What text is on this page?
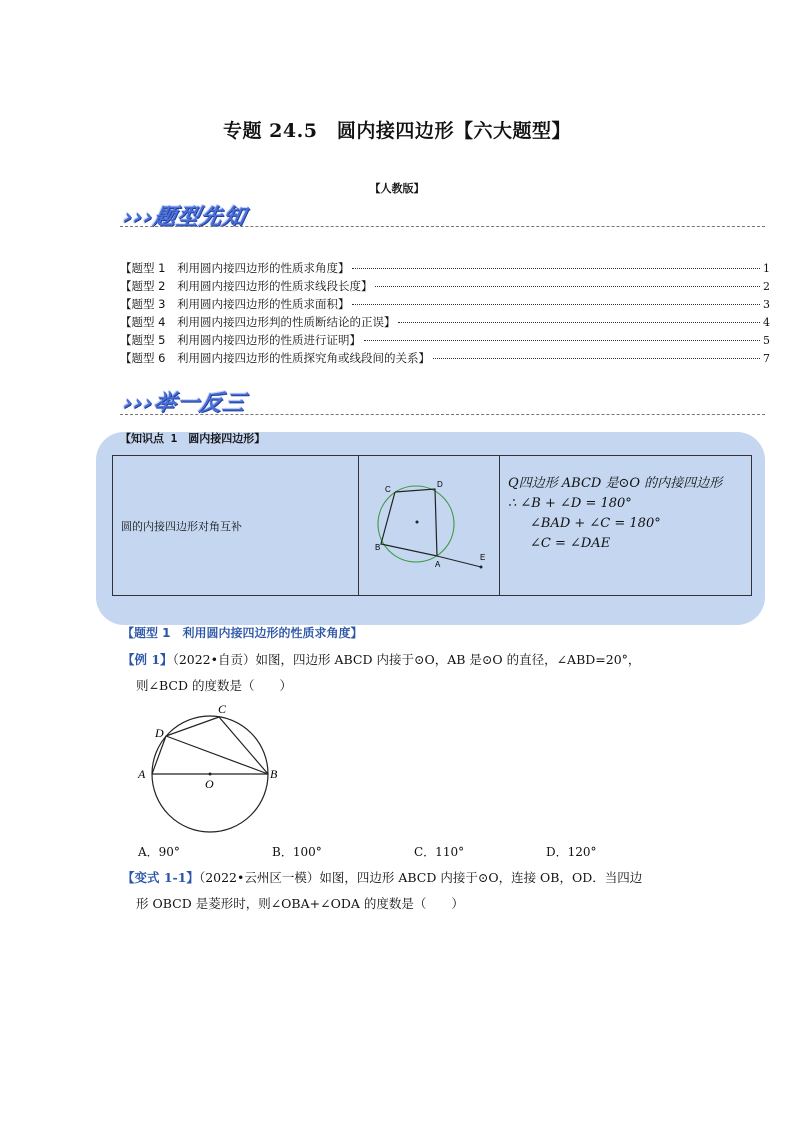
专题 24.5　圆内接四边形【六大题型】
【人教版】
›››题型先知
【题型 1　利用圆内接四边形的性质求角度】	1
【题型 2　利用圆内接四边形的性质求线段长度】	2
【题型 3　利用圆内接四边形的性质求面积】	3
【题型 4　利用圆内接四边形判的性质断结论的正误】	4
【题型 5　利用圆内接四边形的性质进行证明】	5
【题型 6　利用圆内接四边形的性质探究角或线段间的关系】	7
›››举一反三
【知识点 1　圆内接四边形】
圆的内接四边形对角互补	
C
D
B
A
E

Q四边形 ABCD 是⊙O 的内接四边形
∴ ∠B + ∠D = 180°
∠BAD + ∠C = 180°
∠C = ∠DAE
【题型 1　利用圆内接四边形的性质求角度】
【例 1】（2022•自贡）如图，四边形 ABCD 内接于⊙O，AB 是⊙O 的直径，∠ABD=20°，
则∠BCD 的度数是（　　）
C
D
A	B
O
A．90°	B．100°	C．110°	D．120°
【变式 1-1】（2022•云州区一模）如图，四边形 ABCD 内接于⊙O，连接 OB，OD．当四边
形 OBCD 是菱形时，则∠OBA+∠ODA 的度数是（　　）
